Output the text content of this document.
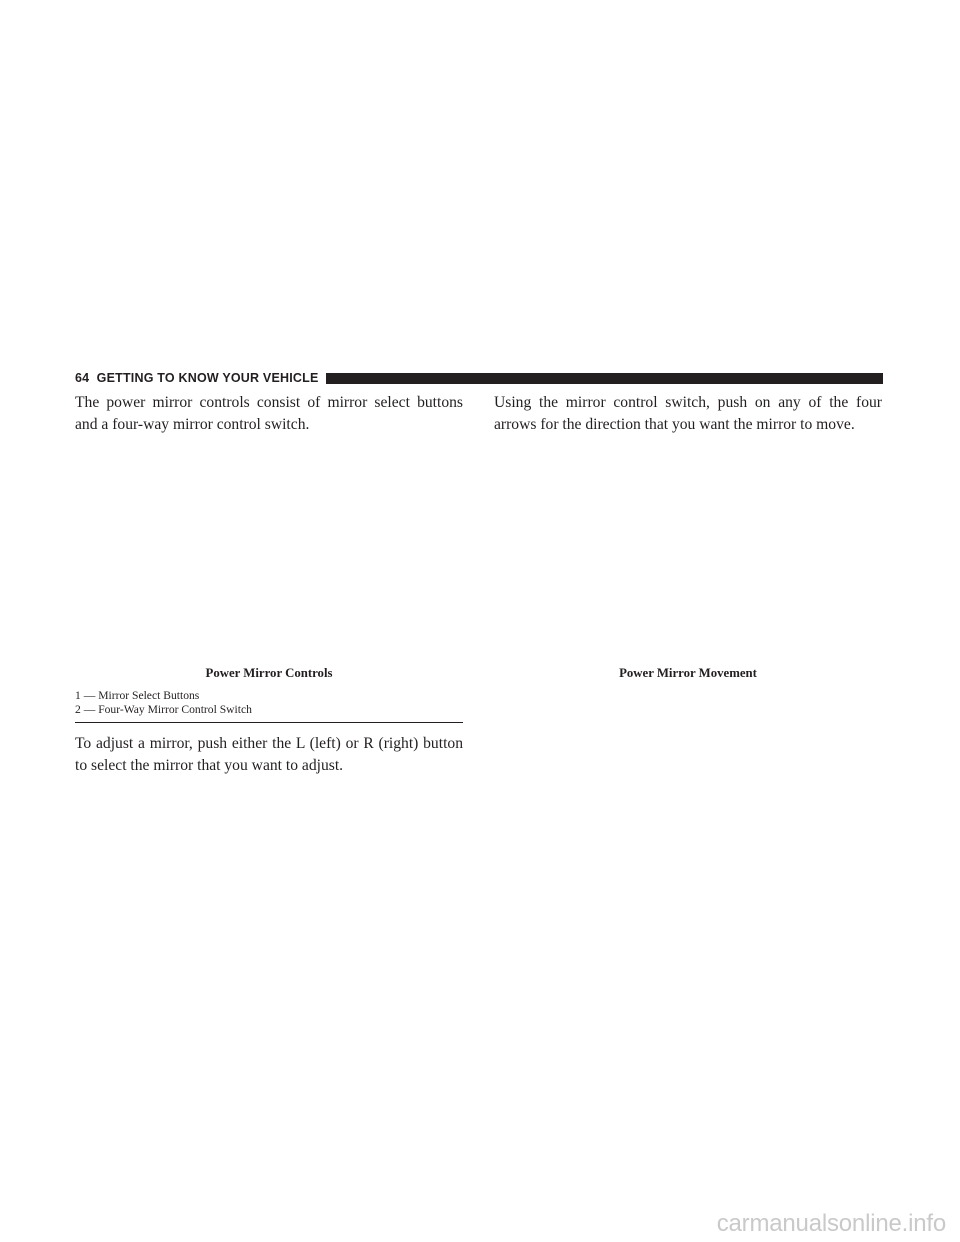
64 GETTING TO KNOW YOUR VEHICLE

The power mirror controls consist of mirror select buttons and a four-way mirror control switch.

Power Mirror Controls
1 — Mirror Select Buttons
2 — Four-Way Mirror Control Switch

To adjust a mirror, push either the L (left) or R (right) button to select the mirror that you want to adjust.

Using the mirror control switch, push on any of the four arrows for the direction that you want the mirror to move.

Power Mirror Movement
carmanualsonline.info
